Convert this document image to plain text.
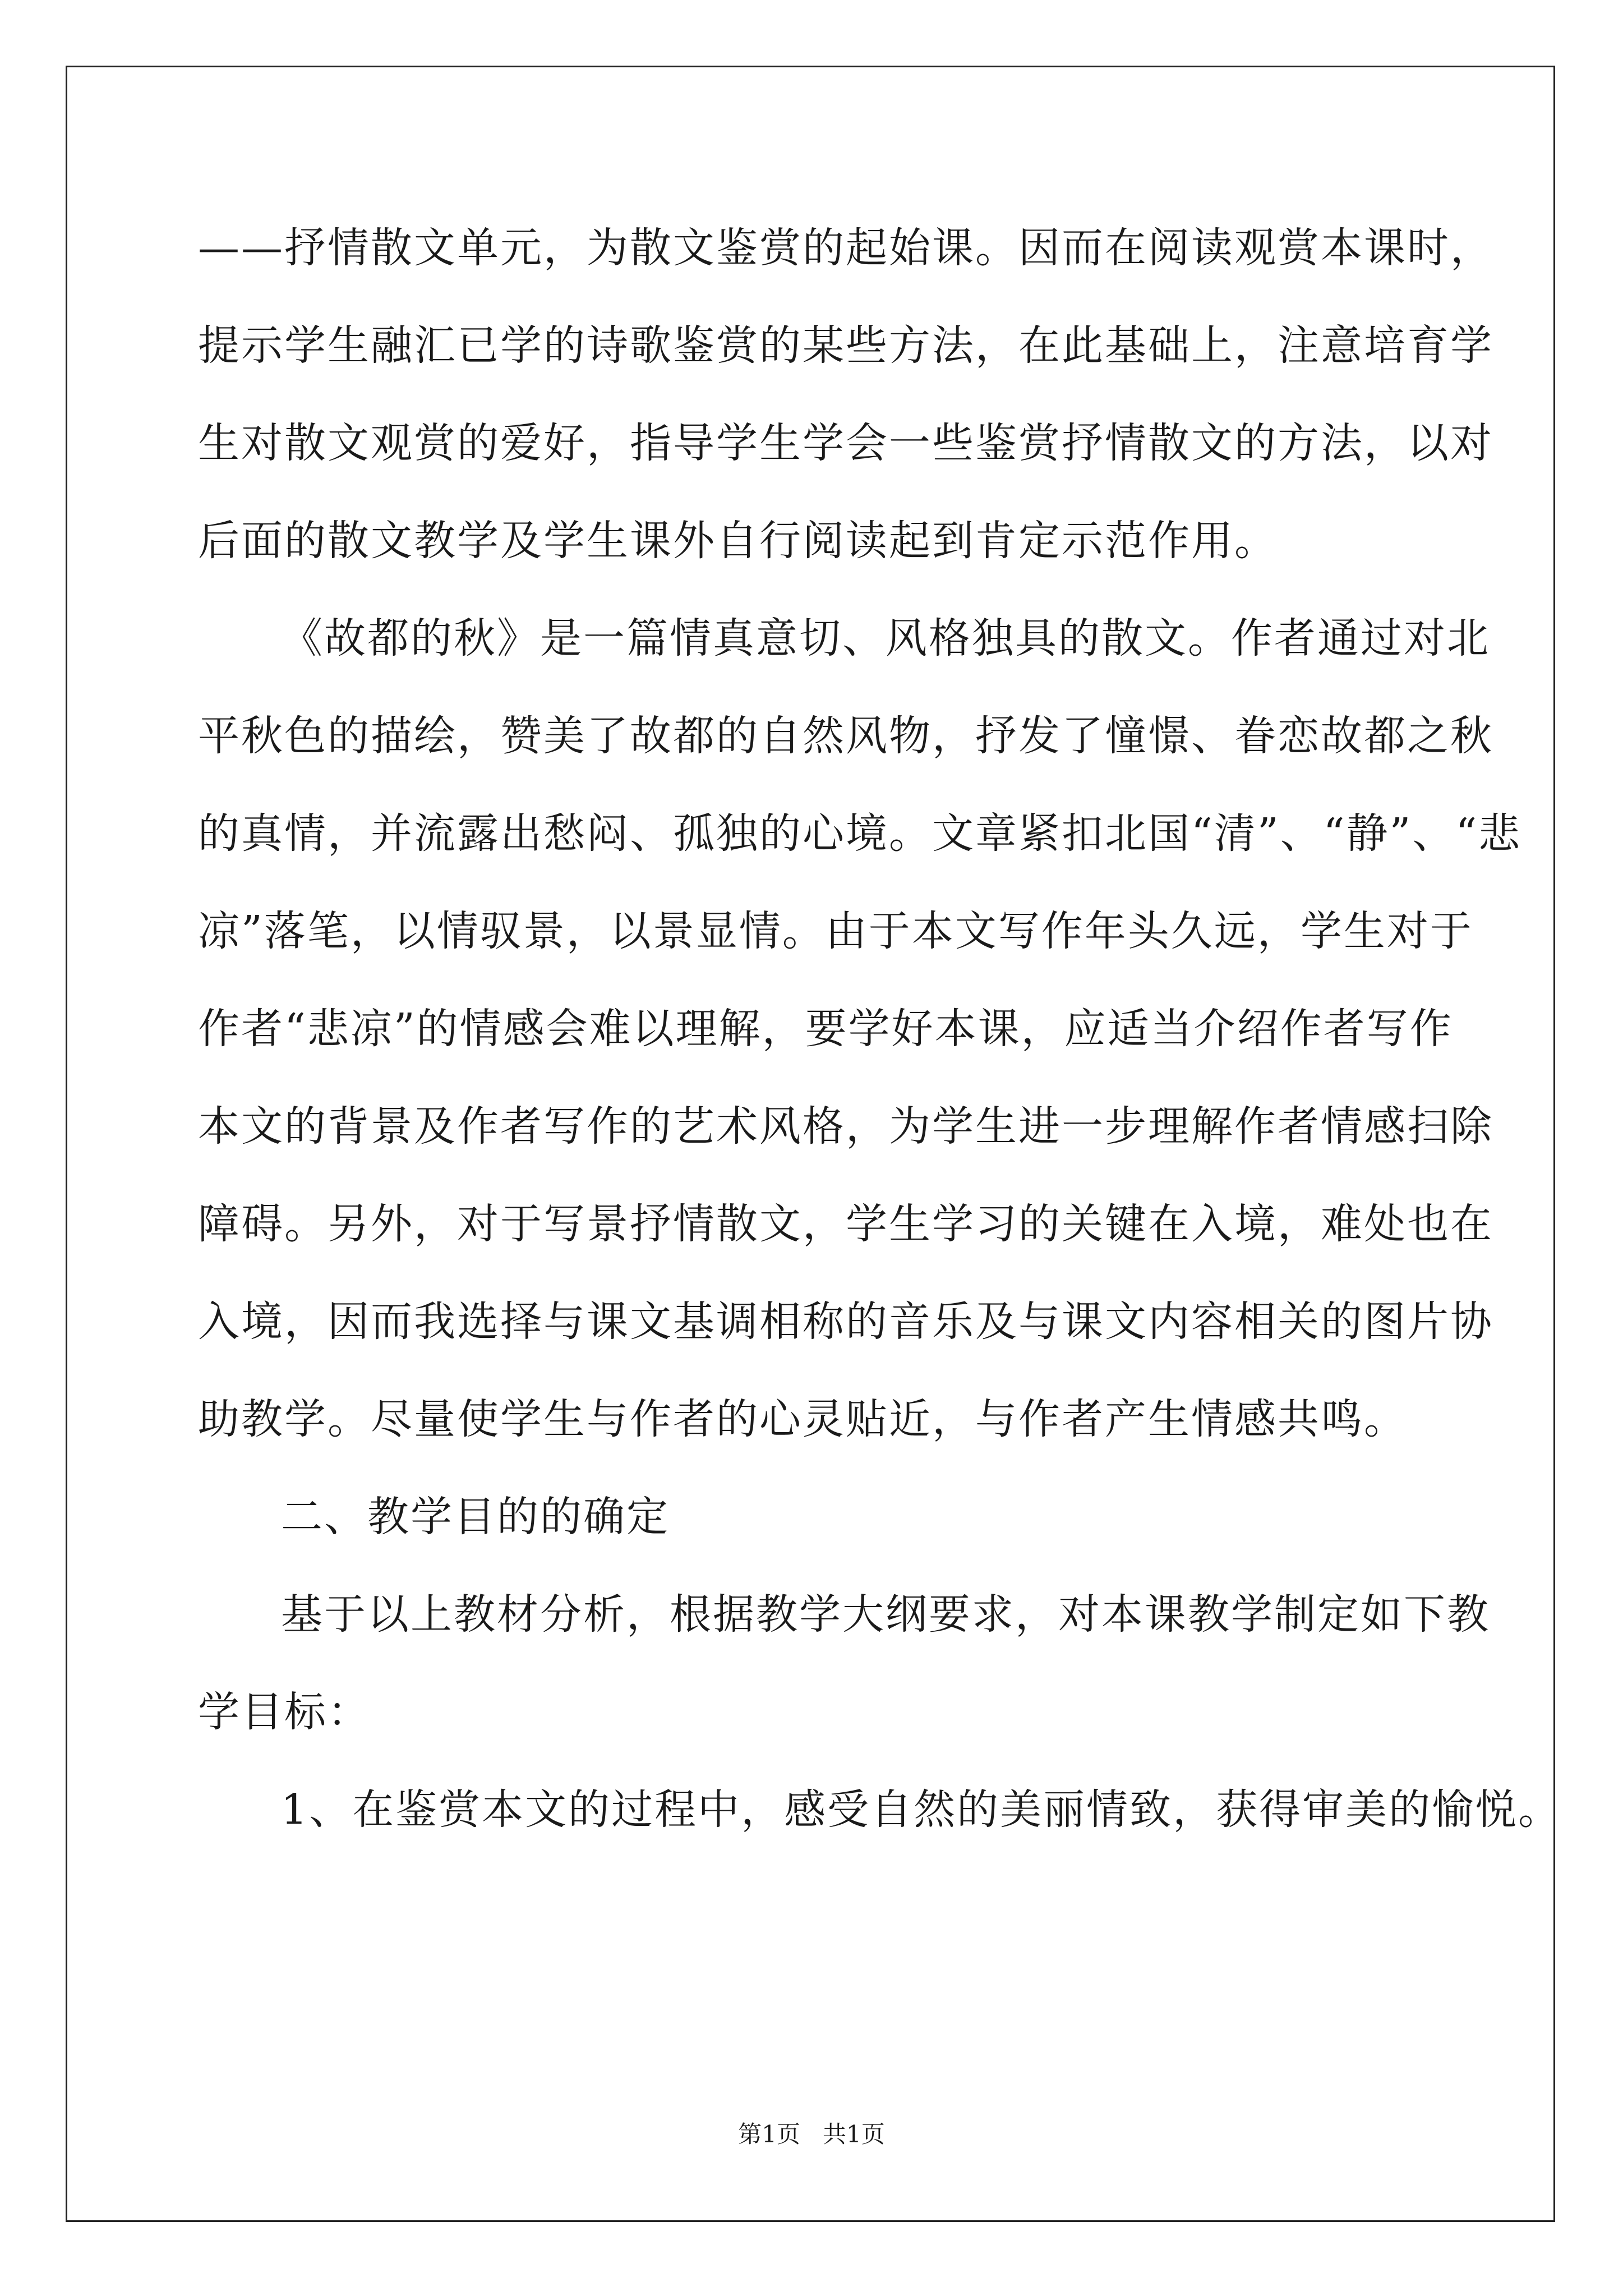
——抒情散文单元，为散文鉴赏的起始课。因而在阅读观赏本课时，
提示学生融汇已学的诗歌鉴赏的某些方法，在此基础上，注意培育学
生对散文观赏的爱好，指导学生学会一些鉴赏抒情散文的方法，以对
后面的散文教学及学生课外自行阅读起到肯定示范作用。
《故都的秋》是一篇情真意切、风格独具的散文。作者通过对北
平秋色的描绘，赞美了故都的自然风物，抒发了憧憬、眷恋故都之秋
的真情，并流露出愁闷、孤独的心境。文章紧扣北国“清”、“静”、“悲
凉”落笔，以情驭景，以景显情。由于本文写作年头久远，学生对于
作者“悲凉”的情感会难以理解，要学好本课，应适当介绍作者写作
本文的背景及作者写作的艺术风格，为学生进一步理解作者情感扫除
障碍。另外，对于写景抒情散文，学生学习的关键在入境，难处也在
入境，因而我选择与课文基调相称的音乐及与课文内容相关的图片协
助教学。尽量使学生与作者的心灵贴近，与作者产生情感共鸣。
二、教学目的的确定
基于以上教材分析，根据教学大纲要求，对本课教学制定如下教
学目标：
1、在鉴赏本文的过程中，感受自然的美丽情致，获得审美的愉悦。
第1页   共1页
